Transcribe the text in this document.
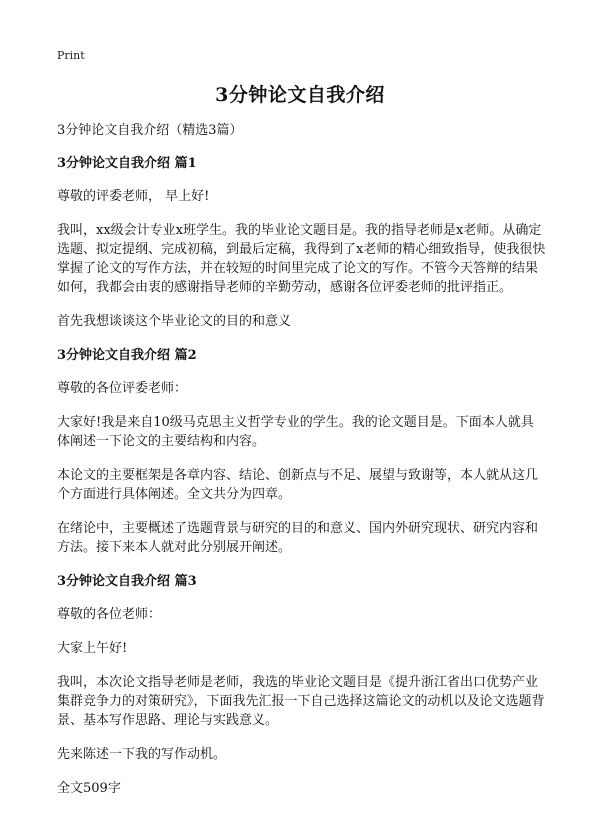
Print
3分钟论文自我介绍

3分钟论文自我介绍（精选3篇）

3分钟论文自我介绍 篇1

尊敬的评委老师， 早上好!

我叫，xx级会计专业x班学生。我的毕业论文题目是。我的指导老师是x老师。从确定选题、拟定提纲、完成初稿，到最后定稿，我得到了x老师的精心细致指导，使我很快掌握了论文的写作方法，并在较短的时间里完成了论文的写作。不管今天答辩的结果如何，我都会由衷的感谢指导老师的辛勤劳动，感谢各位评委老师的批评指正。

首先我想谈谈这个毕业论文的目的和意义

3分钟论文自我介绍 篇2

尊敬的各位评委老师：

大家好!我是来自10级马克思主义哲学专业的学生。我的论文题目是。下面本人就具体阐述一下论文的主要结构和内容。

本论文的主要框架是各章内容、结论、创新点与不足、展望与致谢等，本人就从这几个方面进行具体阐述。全文共分为四章。

在绪论中，主要概述了选题背景与研究的目的和意义、国内外研究现状、研究内容和方法。接下来本人就对此分别展开阐述。

3分钟论文自我介绍 篇3

尊敬的各位老师：

大家上午好!

我叫，本次论文指导老师是老师，我选的毕业论文题目是《提升浙江省出口优势产业集群竞争力的对策研究》，下面我先汇报一下自己选择这篇论文的动机以及论文选题背景、基本写作思路、理论与实践意义。

先来陈述一下我的写作动机。

全文509字
